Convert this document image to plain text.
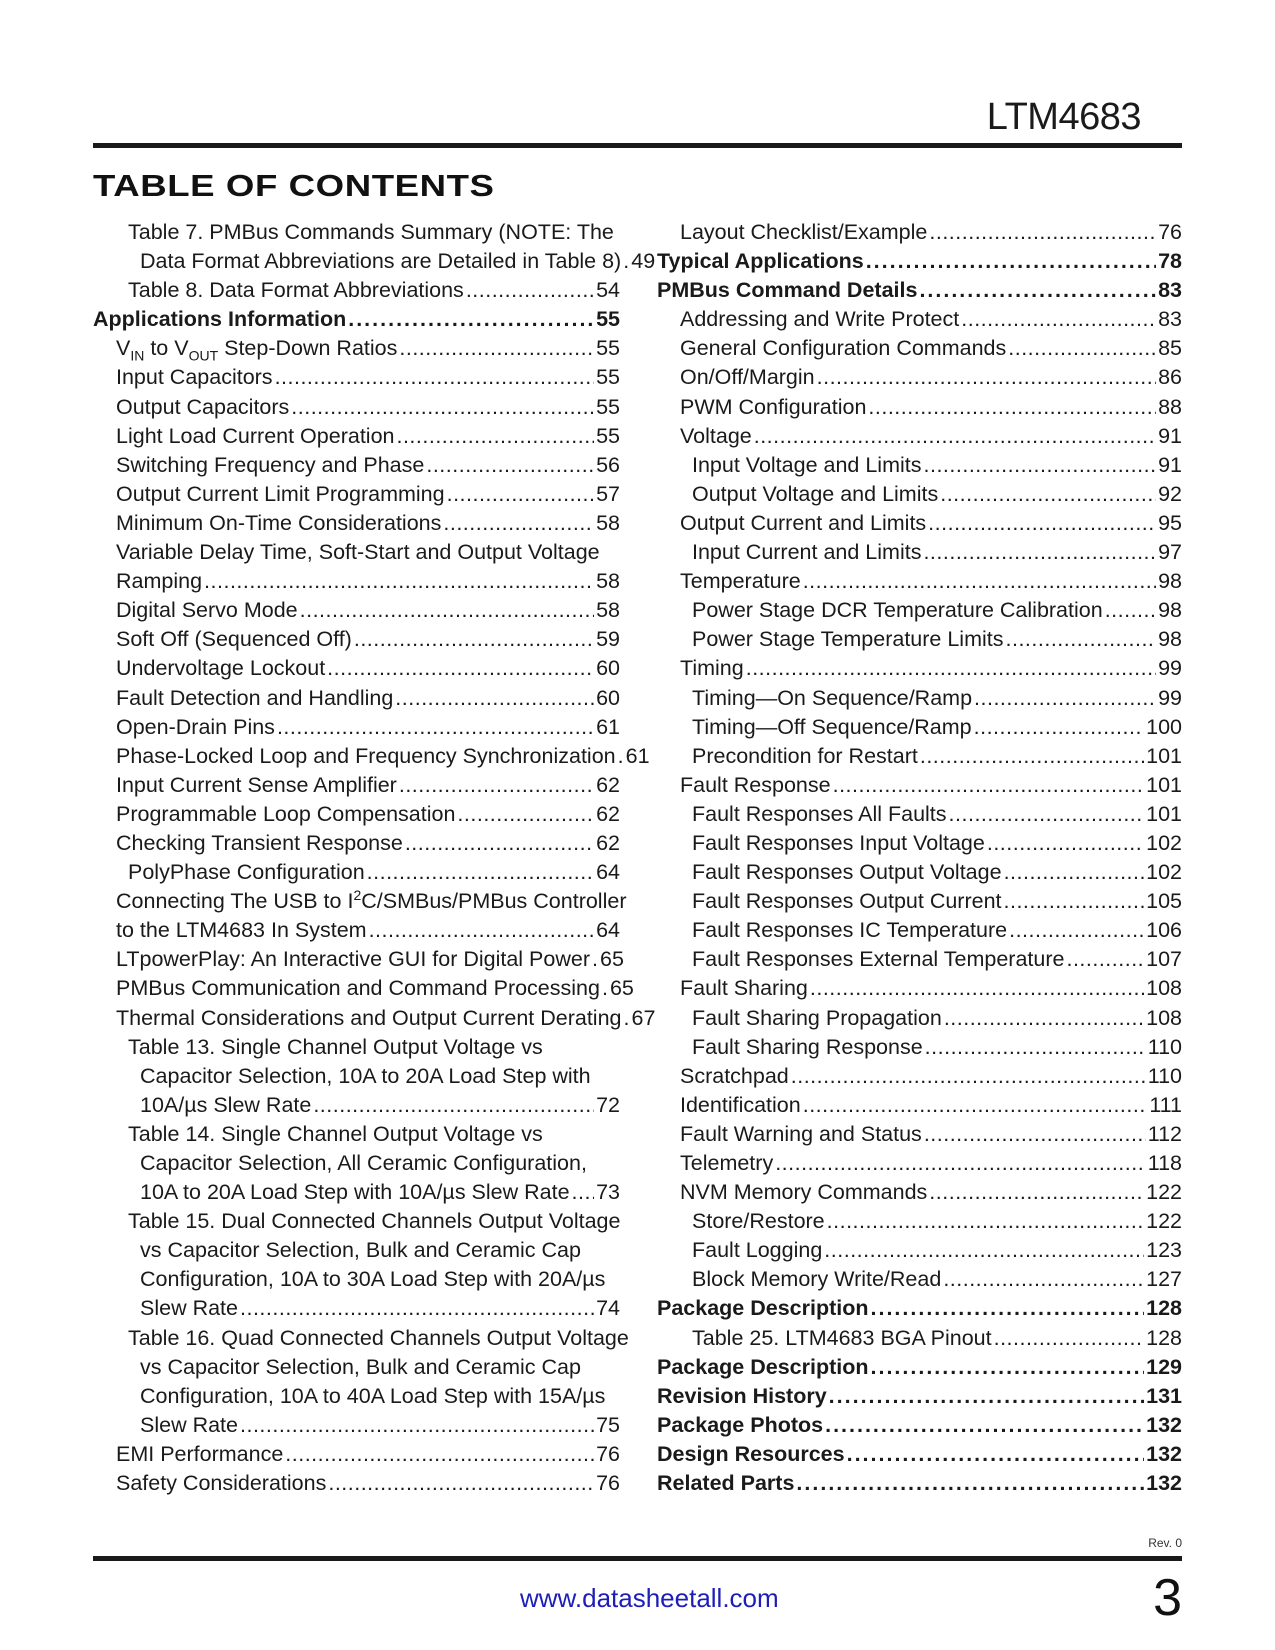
LTM4683
TABLE OF CONTENTS
Table 7. PMBus Commands Summary (NOTE: The
Data Format Abbreviations are Detailed in Table 8) ..... 49
Table 8. Data Format Abbreviations .....	54
Applications Information .....	55
$V_{IN}$ to $V_{OUT}$ Step-Down Ratios .....	55
Input Capacitors .....	55
Output Capacitors .....	55
Light Load Current Operation .....	55
Switching Frequency and Phase .....	56
Output Current Limit Programming .....	57
Minimum On-Time Considerations .....	58
Variable Delay Time, Soft-Start and Output Voltage
Ramping .....	58
Digital Servo Mode .....	58
Soft Off (Sequenced Off) .....	59
Undervoltage Lockout .....	60
Fault Detection and Handling .....	60
Open-Drain Pins .....	61
Phase-Locked Loop and Frequency Synchronization ..... 61
Input Current Sense Amplifier .....	62
Programmable Loop Compensation .....	62
Checking Transient Response .....	62
PolyPhase Configuration .....	64
Connecting The USB to $I^2C/SMBus$/PMBus Controller
to the LTM4683 In System .....	64
LTpowerPlay: An Interactive GUI for Digital Power ..... 65
PMBus Communication and Command Processing ..... 65
Thermal Considerations and Output Current Derating ..... 67
Table 13. Single Channel Output Voltage vs
Capacitor Selection, 10A to 20A Load Step with
10A/µs Slew Rate .....	72
Table 14. Single Channel Output Voltage vs
Capacitor Selection, All Ceramic Configuration,
10A to 20A Load Step with 10A/µs Slew Rate ..... 73
Table 15. Dual Connected Channels Output Voltage
vs Capacitor Selection, Bulk and Ceramic Cap
Configuration, 10A to 30A Load Step with 20A/µs
Slew Rate .....	74
Table 16. Quad Connected Channels Output Voltage
vs Capacitor Selection, Bulk and Ceramic Cap
Configuration, 10A to 40A Load Step with 15A/µs
Slew Rate .....	75
EMI Performance .....	76
Safety Considerations .....	76
Layout Checklist/Example .....	76
Typical Applications .....	78
PMBus Command Details .....	83
Addressing and Write Protect .....	83
General Configuration Commands .....	85
On/Off/Margin .....	86
PWM Configuration .....	88
Voltage .....	91
Input Voltage and Limits .....	91
Output Voltage and Limits .....	92
Output Current and Limits .....	95
Input Current and Limits .....	97
Temperature .....	98
Power Stage DCR Temperature Calibration .....	98
Power Stage Temperature Limits .....	98
Timing .....	99
Timing—On Sequence/Ramp .....	99
Timing—Off Sequence/Ramp .....	100
Precondition for Restart .....	101
Fault Response .....	101
Fault Responses All Faults .....	101
Fault Responses Input Voltage .....	102
Fault Responses Output Voltage .....	102
Fault Responses Output Current .....	105
Fault Responses IC Temperature .....	106
Fault Responses External Temperature .....	107
Fault Sharing .....	108
Fault Sharing Propagation .....	108
Fault Sharing Response .....	110
Scratchpad .....	110
Identification .....	111
Fault Warning and Status .....	112
Telemetry .....	118
NVM Memory Commands .....	122
Store/Restore .....	122
Fault Logging .....	123
Block Memory Write/Read .....	127
Package Description .....	128
Table 25. LTM4683 BGA Pinout .....	128
Package Description .....	129
Revision History .....	131
Package Photos .....	132
Design Resources .....	132
Related Parts .....	132
Rev. 0
www.datasheetall.com	3
